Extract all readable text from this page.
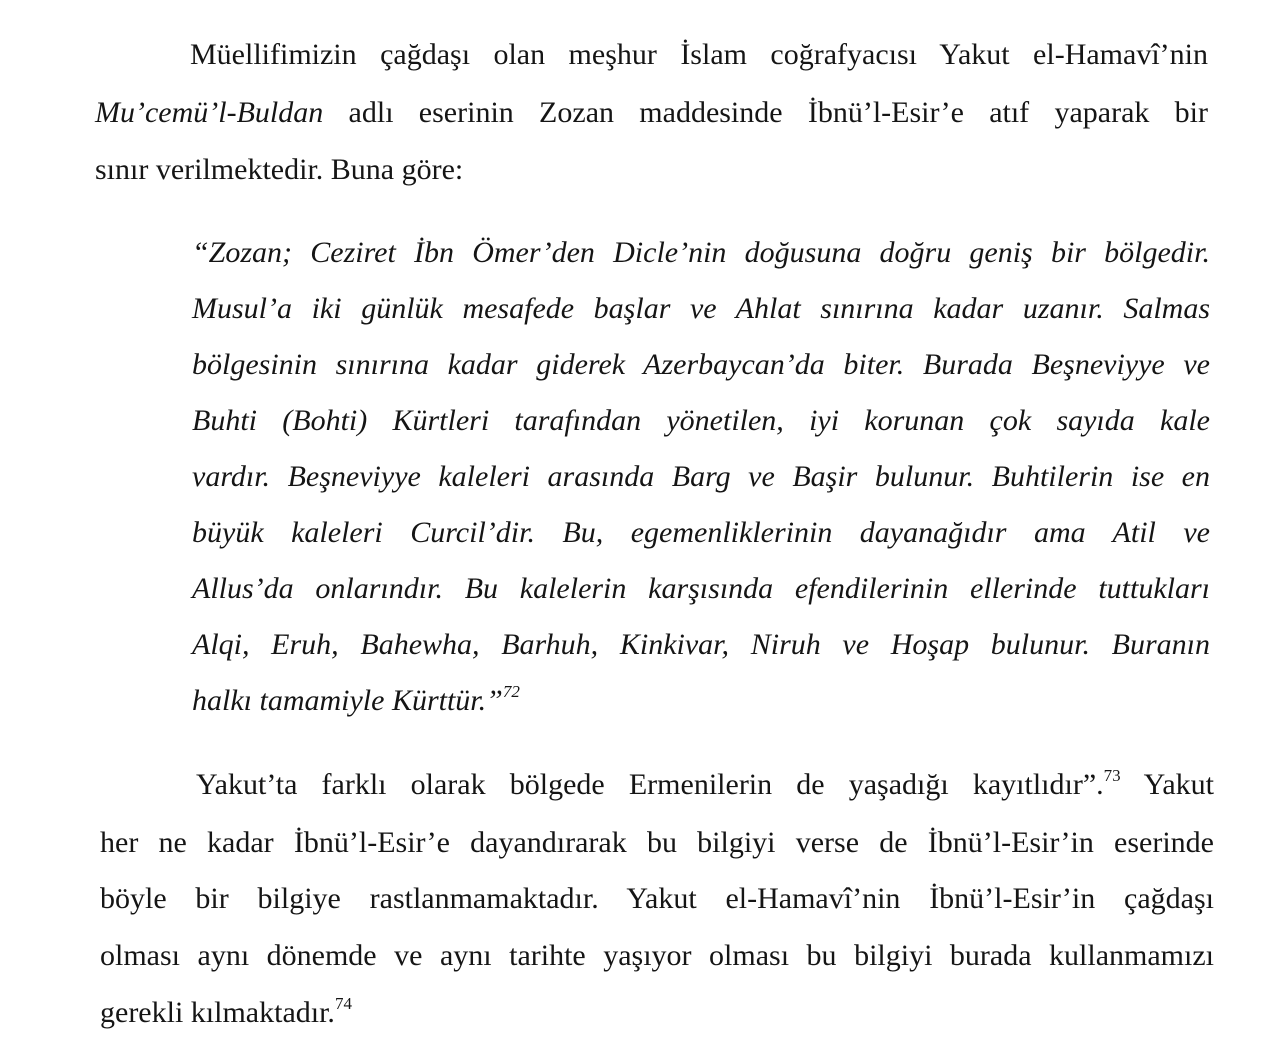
Müellifimizin çağdaşı olan meşhur İslam coğrafyacısı Yakut el-Hamavî’nin
Mu’cemü’l-Buldan adlı eserinin Zozan maddesinde İbnü’l-Esir’e atıf yaparak bir
sınır verilmektedir. Buna göre:
“Zozan; Ceziret İbn Ömer’den Dicle’nin doğusuna doğru geniş bir bölgedir.
Musul’a iki günlük mesafede başlar ve Ahlat sınırına kadar uzanır. Salmas
bölgesinin sınırına kadar giderek Azerbaycan’da biter. Burada Beşneviyye ve
Buhti (Bohti) Kürtleri tarafından yönetilen, iyi korunan çok sayıda kale
vardır. Beşneviyye kaleleri arasında Barg ve Başir bulunur. Buhtilerin ise en
büyük kaleleri Curcil’dir. Bu, egemenliklerinin dayanağıdır ama Atil ve
Allus’da onlarındır. Bu kalelerin karşısında efendilerinin ellerinde tuttukları
Alqi, Eruh, Bahewha, Barhuh, Kinkivar, Niruh ve Hoşap bulunur. Buranın
halkı tamamiyle Kürttür.”$^{72}$
Yakut’ta farklı olarak bölgede Ermenilerin de yaşadığı kayıtlıdır”.$^{73}$ Yakut
her ne kadar İbnü’l-Esir’e dayandırarak bu bilgiyi verse de İbnü’l-Esir’in eserinde
böyle bir bilgiye rastlanmamaktadır. Yakut el-Hamavî’nin İbnü’l-Esir’in çağdaşı
olması aynı dönemde ve aynı tarihte yaşıyor olması bu bilgiyi burada kullanmamızı
gerekli kılmaktadır.$^{74}$
